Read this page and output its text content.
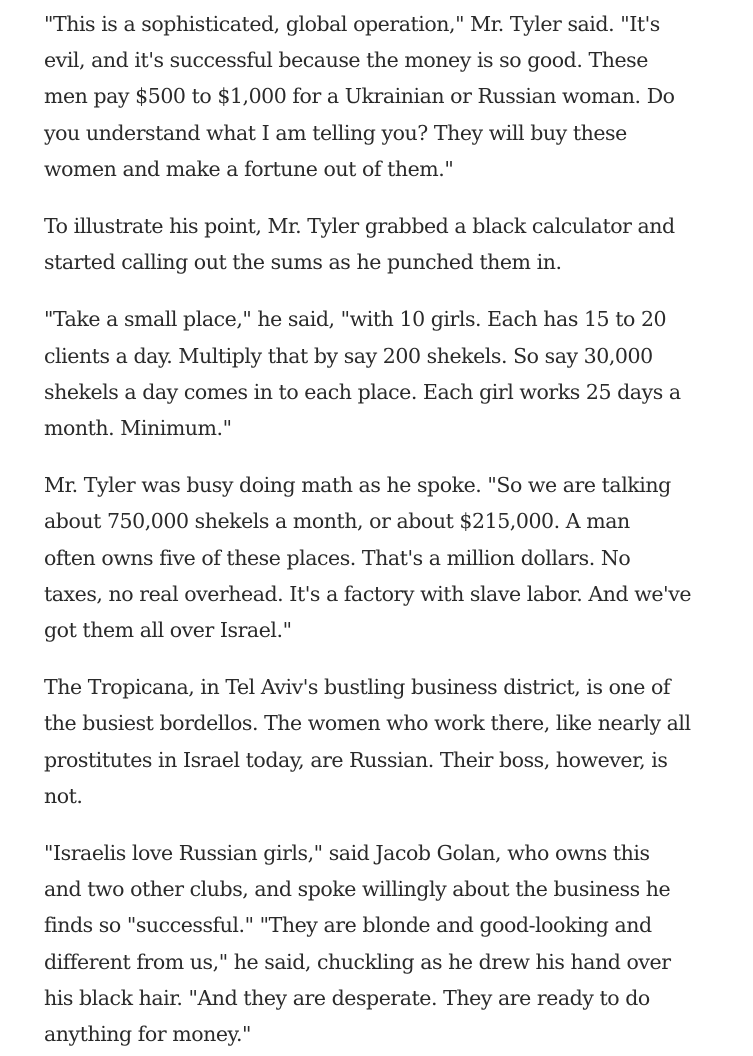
"This is a sophisticated, global operation," Mr. Tyler said. "It's
evil, and it's successful because the money is so good. These
men pay $500 to $1,000 for a Ukrainian or Russian woman. Do
you understand what I am telling you? They will buy these
women and make a fortune out of them."

To illustrate his point, Mr. Tyler grabbed a black calculator and
started calling out the sums as he punched them in.

"Take a small place," he said, "with 10 girls. Each has 15 to 20
clients a day. Multiply that by say 200 shekels. So say 30,000
shekels a day comes in to each place. Each girl works 25 days a
month. Minimum."

Mr. Tyler was busy doing math as he spoke. "So we are talking
about 750,000 shekels a month, or about $215,000. A man
often owns five of these places. That's a million dollars. No
taxes, no real overhead. It's a factory with slave labor. And we've
got them all over Israel."

The Tropicana, in Tel Aviv's bustling business district, is one of
the busiest bordellos. The women who work there, like nearly all
prostitutes in Israel today, are Russian. Their boss, however, is
not.

"Israelis love Russian girls," said Jacob Golan, who owns this
and two other clubs, and spoke willingly about the business he
finds so "successful." "They are blonde and good-looking and
different from us," he said, chuckling as he drew his hand over
his black hair. "And they are desperate. They are ready to do
anything for money."
